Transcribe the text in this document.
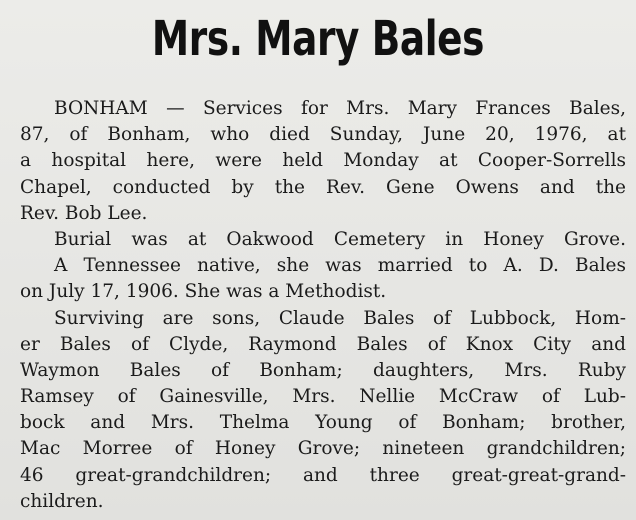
Mrs. Mary Bales
BONHAM — Services for Mrs. Mary Frances Bales,
87, of Bonham, who died Sunday, June 20, 1976, at
a hospital here, were held Monday at Cooper-Sorrells
Chapel, conducted by the Rev. Gene Owens and the
Rev. Bob Lee.
Burial was at Oakwood Cemetery in Honey Grove.
A Tennessee native, she was married to A. D. Bales
on July 17, 1906. She was a Methodist.
Surviving are sons, Claude Bales of Lubbock, Hom-
er Bales of Clyde, Raymond Bales of Knox City and
Waymon Bales of Bonham; daughters, Mrs. Ruby
Ramsey of Gainesville, Mrs. Nellie McCraw of Lub-
bock and Mrs. Thelma Young of Bonham; brother,
Mac Morree of Honey Grove; nineteen grandchildren;
46 great-grandchildren; and three great-great-grand-
children.
